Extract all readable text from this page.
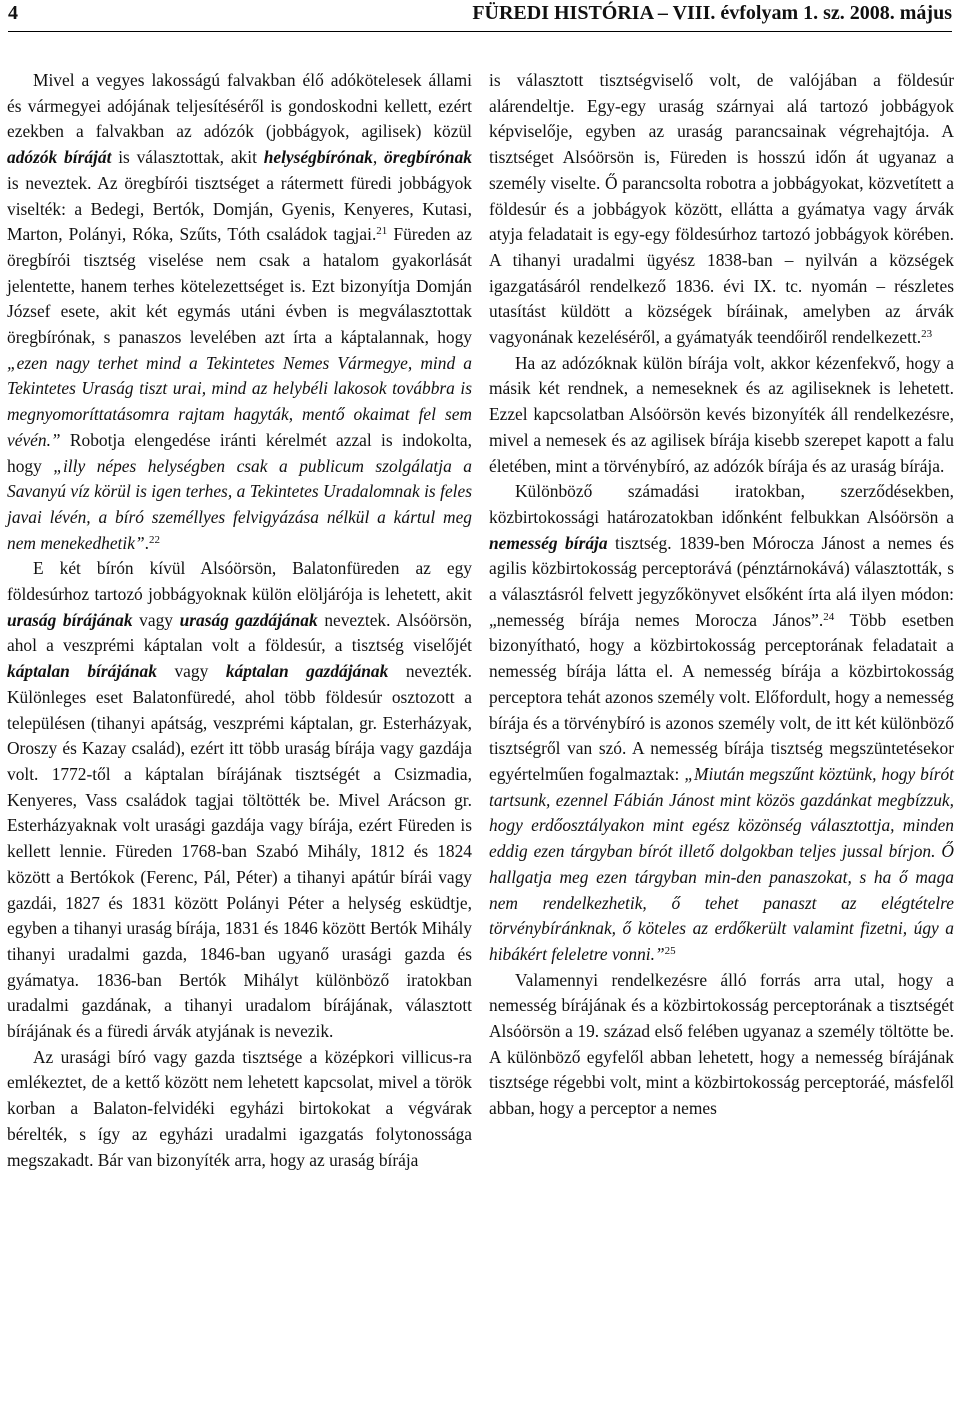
4	FÜREDI HISTÓRIA – VIII. évfolyam 1. sz. 2008. május

Mivel a vegyes lakosságú falvakban élő adókötelesek állami és vármegyei adójának teljesítéséről is gondoskodni kellett, ezért ezekben a falvakban az adózók (jobbágyok, agilisek) közül adózók bíráját is választottak, akit helységbírónak, öregbírónak is neveztek. Az öregbírói tisztséget a rátermett füredi jobbágyok viselték: a Bedegi, Bertók, Domján, Gyenis, Kenyeres, Kutasi, Marton, Polányi, Róka, Szűts, Tóth családok tagjai.$^{21}$ Füreden az öregbírói tisztség viselése nem csak a hatalom gyakorlását jelentette, hanem terhes kötelezettséget is. Ezt bizonyítja Domján József esete, akit két egymás utáni évben is megválasztottak öregbírónak, s panaszos levelében azt írta a káptalannak, hogy „ezen nagy terhet mind a Tekintetes Nemes Vármegye, mind a Tekintetes Uraság tiszt urai, mind az helybéli lakosok továbbra is megnyomoríttatásomra rajtam hagyták, mentő okaimat fel sem vévén.” Robotja elengedése iránti kérelmét azzal is indokolta, hogy „illy népes helységben csak a publicum szolgálatja a Savanyú víz körül is igen terhes, a Tekintetes Uradalomnak is feles javai lévén, a bíró személlyes felvigyázása nélkül a kártul meg nem menekedhetik”.$^{22}$

E két bírón kívül Alsóörsön, Balatonfüreden az egy földesúrhoz tartozó jobbágyoknak külön elöljárója is lehetett, akit uraság bírájának vagy uraság gazdájának neveztek. Alsóörsön, ahol a veszprémi káptalan volt a földesúr, a tisztség viselőjét káptalan bírájának vagy káptalan gazdájának nevezték. Különleges eset Balatonfüredé, ahol több földesúr osztozott a településen (tihanyi apátság, veszprémi káptalan, gr. Esterházyak, Oroszy és Kazay család), ezért itt több uraság bírája vagy gazdája volt. 1772-től a káptalan bírájának tisztségét a Csizmadia, Kenyeres, Vass családok tagjai töltötték be. Mivel Arácson gr. Esterházyaknak volt urasági gazdája vagy bírája, ezért Füreden is kellett lennie. Füreden 1768-ban Szabó Mihály, 1812 és 1824 között a Bertókok (Ferenc, Pál, Péter) a tihanyi apátúr bírái vagy gazdái, 1827 és 1831 között Polányi Péter a helység esküdtje, egyben a tihanyi uraság bírája, 1831 és 1846 között Bertók Mihály tihanyi uradalmi gazda, 1846-ban ugyanő urasági gazda és gyámatya. 1836-ban Bertók Mihályt különböző iratokban uradalmi gazdának, a tihanyi uradalom bírájának, választott bírájának és a füredi árvák atyjának is nevezik.

Az urasági bíró vagy gazda tisztsége a középkori villicus-ra emlékeztet, de a kettő között nem lehetett kapcsolat, mivel a török korban a Balaton-felvidéki egyházi birtokokat a végvárak bérelték, s így az egyházi uradalmi igazgatás folytonossága megszakadt. Bár van bizonyíték arra, hogy az uraság bírája

is választott tisztségviselő volt, de valójában a földesúr alárendeltje. Egy-egy uraság szárnyai alá tartozó jobbágyok képviselője, egyben az uraság parancsainak végrehajtója. A tisztséget Alsóörsön is, Füreden is hosszú időn át ugyanaz a személy viselte. Ő parancsolta robotra a jobbágyokat, közvetített a földesúr és a jobbágyok között, ellátta a gyámatya vagy árvák atyja feladatait is egy-egy földesúrhoz tartozó jobbágyok körében. A tihanyi uradalmi ügyész 1838-ban – nyilván a községek igazgatásáról rendelkező 1836. évi IX. tc. nyomán – részletes utasítást küldött a községek bíráinak, amelyben az árvák vagyonának kezeléséről, a gyámatyák teendőiről rendelkezett.$^{23}$

Ha az adózóknak külön bírája volt, akkor kézenfekvő, hogy a másik két rendnek, a nemeseknek és az agiliseknek is lehetett. Ezzel kapcsolatban Alsóörsön kevés bizonyíték áll rendelkezésre, mivel a nemesek és az agilisek bírája kisebb szerepet kapott a falu életében, mint a törvénybíró, az adózók bírája és az uraság bírája.

Különböző számadási iratokban, szerződésekben, közbirtokossági határozatokban időnként felbukkan Alsóörsön a nemesség bírája tisztség. 1839-ben Mórocza Jánost a nemes és agilis közbirtokosság perceptorává (pénztárnokává) választották, s a választásról felvett jegyzőkönyvet elsőként írta alá ilyen módon: „nemesség bírája nemes Morocza János”.$^{24}$ Több esetben bizonyítható, hogy a közbirtokosság perceptorának feladatait a nemesség bírája látta el. A nemesség bírája a közbirtokosság perceptora tehát azonos személy volt. Előfordult, hogy a nemesség bírája és a törvénybíró is azonos személy volt, de itt két különböző tisztségről van szó. A nemesség bírája tisztség megszüntetésekor egyértelműen fogalmaztak: „Miután megszűnt köztünk, hogy bírót tartsunk, ezennel Fábián Jánost mint közös gazdánkat megbízzuk, hogy erdőosztályakon mint egész közönség választottja, minden eddig ezen tárgyban bírót illető dolgokban teljes jussal bírjon. Ő hallgatja meg ezen tárgyban min-den panaszokat, s ha ő maga nem rendelkezhetik, ő tehet panaszt az elégtételre törvénybíránknak, ő köteles az erdőkerült valamint fizetni, úgy a hibákért feleletre vonni.”$^{25}$

Valamennyi rendelkezésre álló forrás arra utal, hogy a nemesség bírájának és a közbirtokosság perceptorának a tisztségét Alsóörsön a 19. század első felében ugyanaz a személy töltötte be. A különböző egyfelől abban lehetett, hogy a nemesség bírájának tisztsége régebbi volt, mint a közbirtokosság perceptoráé, másfelől abban, hogy a perceptor a nemes
